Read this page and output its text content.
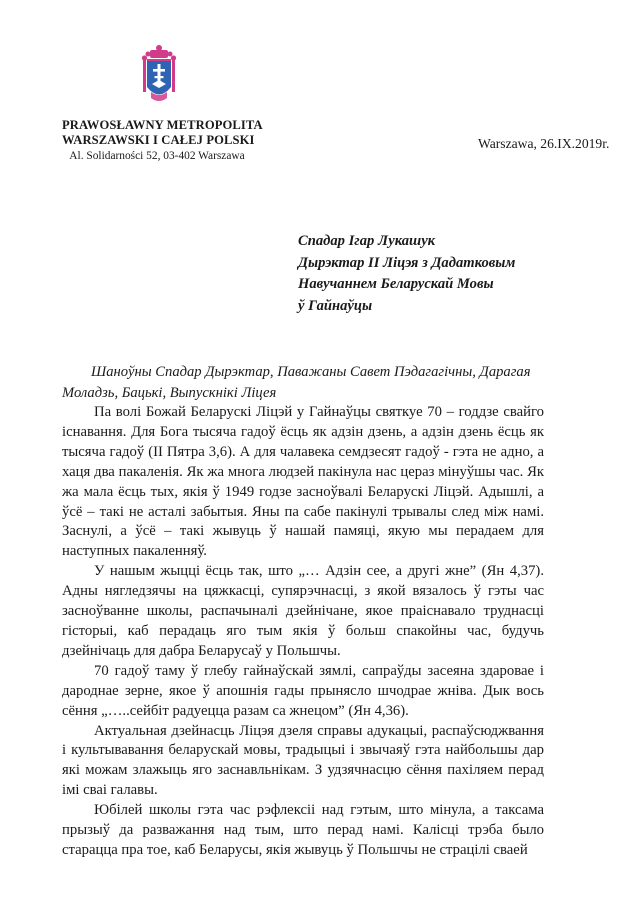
PRAWOSŁAWNY METROPOLITA
WARSZAWSKI I CAŁEJ POLSKI
Al. Solidarności 52, 03-402 Warszawa
Warszawa, 26.IX.2019r.
Спадар Ігар Лукашук
Дырэктар ІІ Ліцэя з Дадатковым
Навучаннем Беларускай Мовы
ў Гайнаўцы
Шаноўны Спадар Дырэктар, Паважаны Савет Пэдагагічны, Дарагая Моладзь, Бацькі, Выпускнікі Ліцея

Па волі Божай Беларускі Ліцэй у Гайнаўцы святкуе 70 – годдзе свайго існавання. Для Бога тысяча гадоў ёсць як адзін дзень, а адзін дзень ёсць як тысяча гадоў (ІІ Пятра 3,6). А для чалавека семдзесят гадоў - гэта не адно, а хаця два пакаленія. Як жа многа людзей пакінула нас цераз мінуўшы час. Як жа мала ёсць тых, якія ў 1949 годзе засноўвалі Беларускі Ліцэй. Адышлі, а ўсё – такі не асталі забытыя. Яны па сабе пакінулі трывалы след між намі. Заснулі, а ўсё – такі жывуць ў нашай памяці, якую мы перадаем для наступных пакаленняў.

У нашым жыцці ёсць так, што „… Адзін сее, а другі жне” (Ян 4,37). Адны нягледзячы на цяжкасці, супярэчнасці, з якой вязалось ў гэты час засноўванне школы, распачыналі дзейнічане, якое праіснавало труднасці гісторыі, каб перадаць яго тым якія ў больш спакойны час, будучь дзейнічаць для дабра Беларусаў у Польшчы.

70 гадоў таму ў глебу гайнаўскай зямлі, сапраўды засеяна здаровае і дароднае зерне, якое ў апошнія гады прынясло шчодрае жніва. Дык вось сёння „…..сейбіт радуецца разам са жнецом” (Ян 4,36).

Актуальная дзейнасць Ліцэя дзеля справы адукацыі, распаўсюджвання і культывавання беларускай мовы, традыцыі і звычаяў гэта найбольшы дар які можам злажыць яго заснавльнікам. З удзячнасцю сёння пахіляем перад імі сваі галавы.

Юбілей школы гэта час рэфлексіі над гэтым, што мінула, а таксама прызыў да разважання над тым, што перад намі. Калісці трэба было старацца пра тое, каб Беларусы, якія жывуць ў Польшчы не страцілі сваей
